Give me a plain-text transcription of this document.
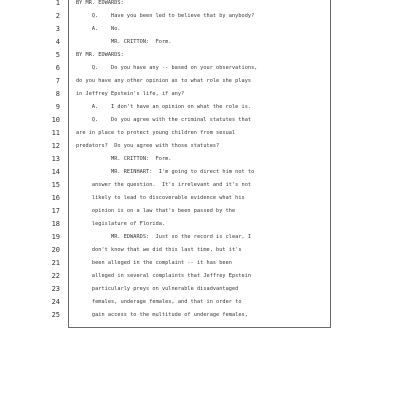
1	BY MR. EDWARDS:
2	Q.    Have you been led to believe that by anybody?
3	A.    No.
4	MR. CRITTON:  Form.
5	BY MR. EDWARDS:
6	Q.    Do you have any -- based on your observations,
7	do you have any other opinion as to what role she plays
8	in Jeffrey Epstein's life, if any?
9	A.    I don't have an opinion on what the role is.
10	Q.    Do you agree with the criminal statutes that
11	are in place to protect young children from sexual
12	predators?  Do you agree with those statutes?
13	MR. CRITTON:  Form.
14	MR. REINHART:  I'm going to direct him not to
15	answer the question.  It's irrelevant and it's not
16	likely to lead to discoverable evidence what his
17	opinion is on a law that's been passed by the
18	legislature of Florida.
19	MR. EDWARDS:  Just so the record is clear, I
20	don't know that we did this last time, but it's
21	been alleged in the complaint -- it has been
22	alleged in several complaints that Jeffrey Epstein
23	particularly preys on vulnerable disadvantaged
24	females, underage females, and that in order to
25	gain access to the multitude of underage females,
